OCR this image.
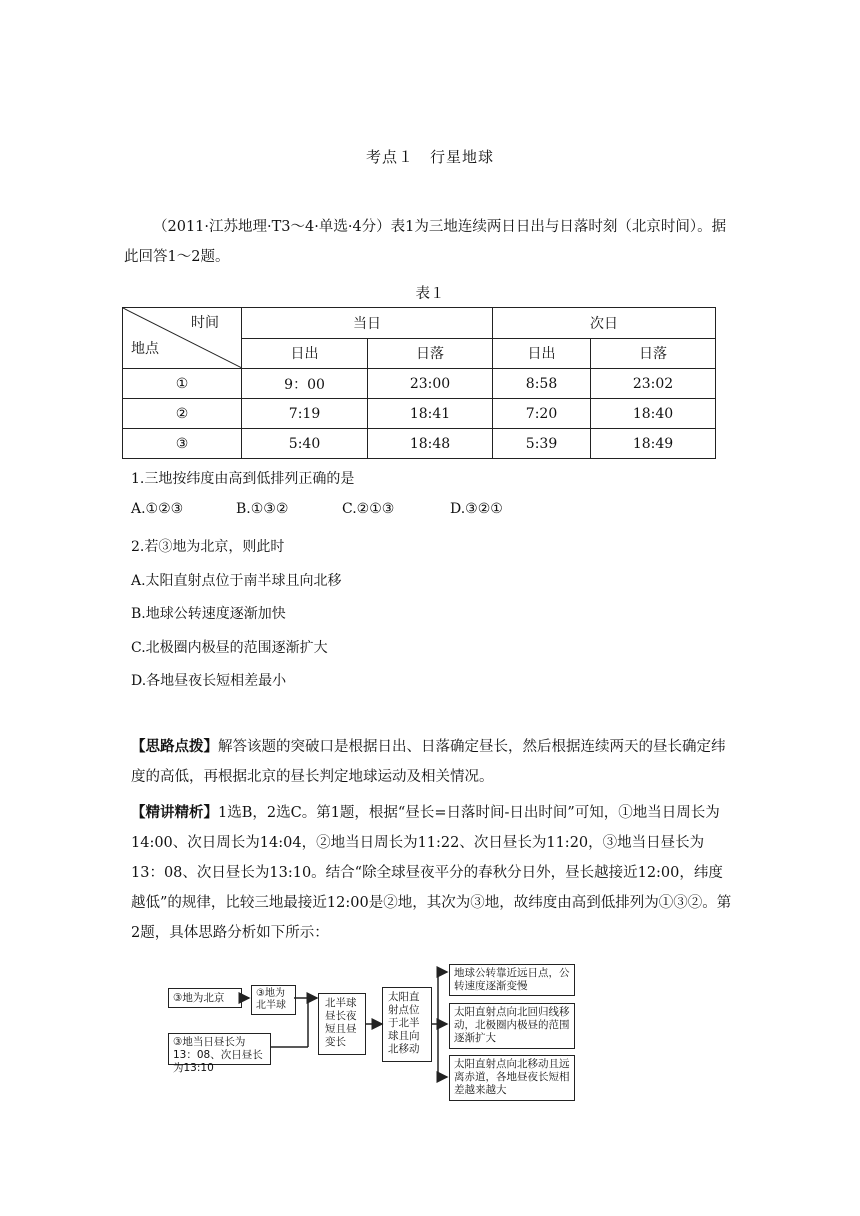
考点１　行星地球
（2011·江苏地理·T3～4·单选·4分）表1为三地连续两日日出与日落时刻（北京时间）。据此回答1～2题。
表１
时间
地点	当日		次日	
	日出	日落	日出	日落
①	9：00	23:00	8:58	23:02
②	7:19	18:41	7:20	18:40
③	5:40	18:48	5:39	18:49
1.三地按纬度由高到低排列正确的是
A.①②③	B.①③②	C.②①③	D.③②①
2.若③地为北京，则此时
A.太阳直射点位于南半球且向北移
B.地球公转速度逐渐加快
C.北极圈内极昼的范围逐渐扩大
D.各地昼夜长短相差最小
【思路点拨】解答该题的突破口是根据日出、日落确定昼长，然后根据连续两天的昼长确定纬度的高低，再根据北京的昼长判定地球运动及相关情况。
【精讲精析】1选B，2选C。第1题，根据“昼长=日落时间-日出时间”可知，①地当日周长为14:00、次日周长为14:04，②地当日周长为11:22、次日昼长为11:20，③地当日昼长为13：08、次日昼长为13:10。结合“除全球昼夜平分的春秋分日外，昼长越接近12:00，纬度越低”的规律，比较三地最接近12:00是②地，其次为③地，故纬度由高到低排列为①③②。第2题，具体思路分析如下所示：
③地为北京	③地为北半球
③地当日昼长为13：08、次日昼长为13:10
北半球昼长夜短且昼变长
太阳直射点位于北半球且向北移动
地球公转靠近远日点，公转速度逐渐变慢
太阳直射点向北回归线移动，北极圈内极昼的范围逐渐扩大
太阳直射点向北移动且远离赤道，各地昼夜长短相差越来越大
